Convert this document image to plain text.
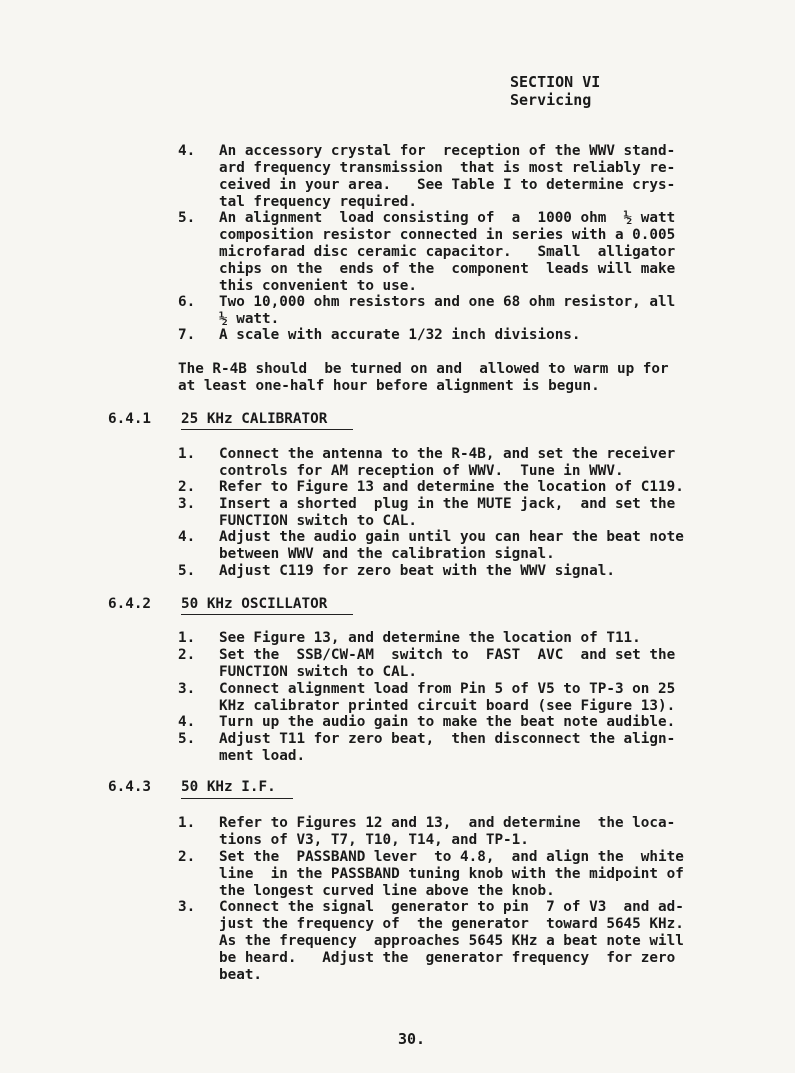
SECTION VI
Servicing
4. An accessory crystal for  reception of the WWV stand-
ard frequency transmission  that is most reliably re-
ceived in your area.   See Table I to determine crys-
tal frequency required.
5. An alignment  load consisting of  a  1000 ohm  ½ watt
composition resistor connected in series with a 0.005
microfarad disc ceramic capacitor.   Small  alligator
chips on the  ends of the  component  leads will make
this convenient to use.
6. Two 10,000 ohm resistors and one 68 ohm resistor, all
½ watt.
7. A scale with accurate 1/32 inch divisions.
The R-4B should  be turned on and  allowed to warm up for
at least one-half hour before alignment is begun.
6.4.1 25 KHz CALIBRATOR
1. Connect the antenna to the R-4B, and set the receiver
controls for AM reception of WWV.  Tune in WWV.
2. Refer to Figure 13 and determine the location of C119.
3. Insert a shorted  plug in the MUTE jack,  and set the
FUNCTION switch to CAL.
4. Adjust the audio gain until you can hear the beat note
between WWV and the calibration signal.
5. Adjust C119 for zero beat with the WWV signal.
6.4.2 50 KHz OSCILLATOR
1. See Figure 13, and determine the location of T11.
2. Set the  SSB/CW-AM  switch to  FAST  AVC  and set the
FUNCTION switch to CAL.
3. Connect alignment load from Pin 5 of V5 to TP-3 on 25
KHz calibrator printed circuit board (see Figure 13).
4. Turn up the audio gain to make the beat note audible.
5. Adjust T11 for zero beat,  then disconnect the align-
ment load.
6.4.3 50 KHz I.F.
1. Refer to Figures 12 and 13,  and determine  the loca-
tions of V3, T7, T10, T14, and TP-1.
2. Set the  PASSBAND lever  to 4.8,  and align the  white
line  in the PASSBAND tuning knob with the midpoint of
the longest curved line above the knob.
3. Connect the signal  generator to pin  7 of V3  and ad-
just the frequency of  the generator  toward 5645 KHz.
As the frequency  approaches 5645 KHz a beat note will
be heard.   Adjust the  generator frequency  for zero
beat.
30.
